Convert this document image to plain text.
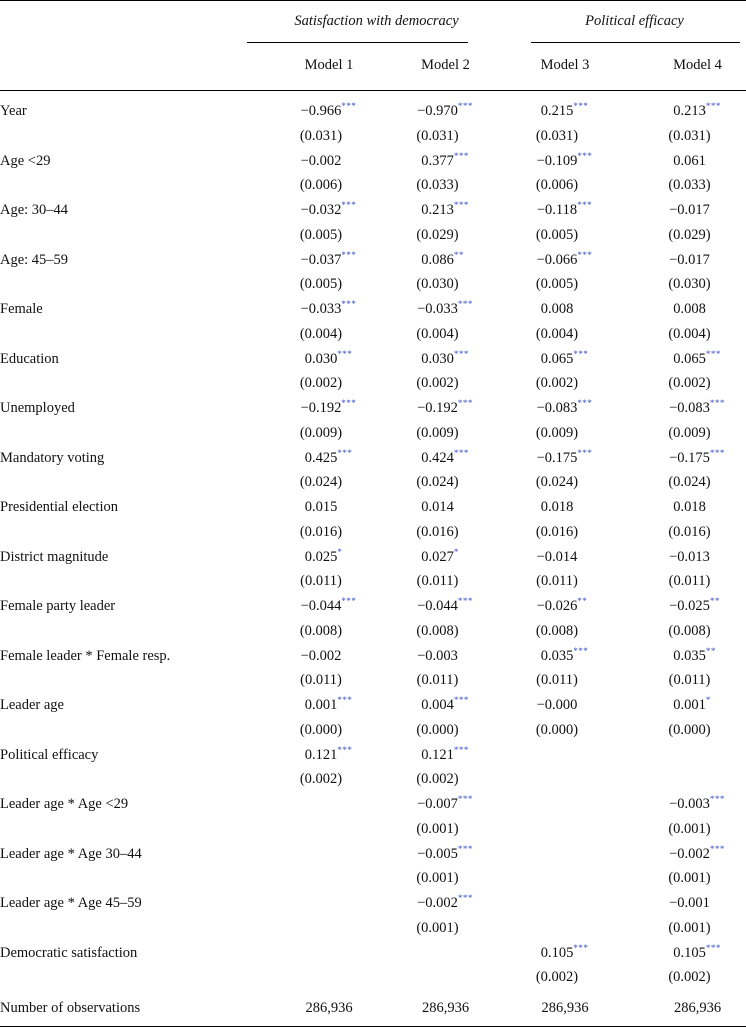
	Satisfaction with democracy		Political efficacy	
	Model 1	Model 2	Model 3	Model 4
Year	−0.966***	−0.970***	0.215***	0.213***
	(0.031)	(0.031)	(0.031)	(0.031)
Age <29	−0.002	0.377***	−0.109***	0.061
	(0.006)	(0.033)	(0.006)	(0.033)
Age: 30–44	−0.032***	0.213***	−0.118***	−0.017
	(0.005)	(0.029)	(0.005)	(0.029)
Age: 45–59	−0.037***	0.086**	−0.066***	−0.017
	(0.005)	(0.030)	(0.005)	(0.030)
Female	−0.033***	−0.033***	0.008	0.008
	(0.004)	(0.004)	(0.004)	(0.004)
Education	0.030***	0.030***	0.065***	0.065***
	(0.002)	(0.002)	(0.002)	(0.002)
Unemployed	−0.192***	−0.192***	−0.083***	−0.083***
	(0.009)	(0.009)	(0.009)	(0.009)
Mandatory voting	0.425***	0.424***	−0.175***	−0.175***
	(0.024)	(0.024)	(0.024)	(0.024)
Presidential election	0.015	0.014	0.018	0.018
	(0.016)	(0.016)	(0.016)	(0.016)
District magnitude	0.025*	0.027*	−0.014	−0.013
	(0.011)	(0.011)	(0.011)	(0.011)
Female party leader	−0.044***	−0.044***	−0.026**	−0.025**
	(0.008)	(0.008)	(0.008)	(0.008)
Female leader * Female resp.	−0.002	−0.003	0.035***	0.035**
	(0.011)	(0.011)	(0.011)	(0.011)
Leader age	0.001***	0.004***	−0.000	0.001*
	(0.000)	(0.000)	(0.000)	(0.000)
Political efficacy	0.121***	0.121***		
	(0.002)	(0.002)		
Leader age * Age <29		−0.007***		−0.003***
		(0.001)		(0.001)
Leader age * Age 30–44		−0.005***		−0.002***
		(0.001)		(0.001)
Leader age * Age 45–59		−0.002***		−0.001
		(0.001)		(0.001)
Democratic satisfaction			0.105***	0.105***
			(0.002)	(0.002)
Number of observations	286,936	286,936	286,936	286,936
